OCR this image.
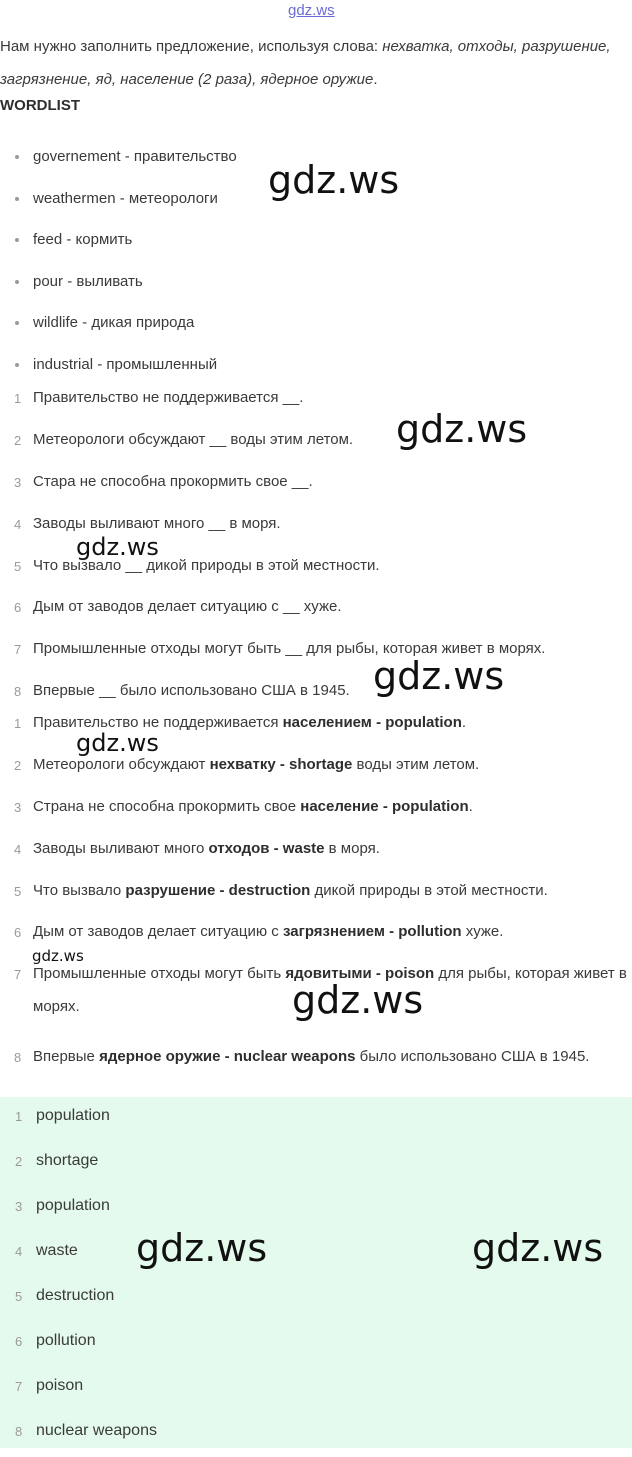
gdz.ws
Нам нужно заполнить предложение, используя слова: нехватка, отходы, разрушение, загрязнение, яд, население (2 раза), ядерное оружие.
WORDLIST
governement - правительство
weathermen - метеорологи
feed - кормить
pour - выливать
wildlife - дикая природа
industrial - промышленный
1 Правительство не поддерживается __.
2 Метеорологи обсуждают __ воды этим летом.
3 Стара не способна прокормить свое __.
4 Заводы выливают много __ в моря.
5 Что вызвало __ дикой природы в этой местности.
6 Дым от заводов делает ситуацию с __ хуже.
7 Промышленные отходы могут быть __ для рыбы, которая живет в морях.
8 Впервые __ было использовано США в 1945.
1 Правительство не поддерживается населением - population.
2 Метеорологи обсуждают нехватку - shortage воды этим летом.
3 Страна не способна прокормить свое население - population.
4 Заводы выливают много отходов - waste в моря.
5 Что вызвало разрушение - destruction дикой природы в этой местности.
6 Дым от заводов делает ситуацию с загрязнением - pollution хуже.
7 Промышленные отходы могут быть ядовитыми - poison для рыбы, которая живет в морях.
8 Впервые ядерное оружие - nuclear weapons было использовано США в 1945.
1 population
2 shortage
3 population
4 waste
5 destruction
6 pollution
7 poison
8 nuclear weapons
gdz.ws
gdz.ws
gdz.ws
gdz.ws
gdz.ws
gdz.ws
gdz.ws
gdz.ws	gdz.ws
